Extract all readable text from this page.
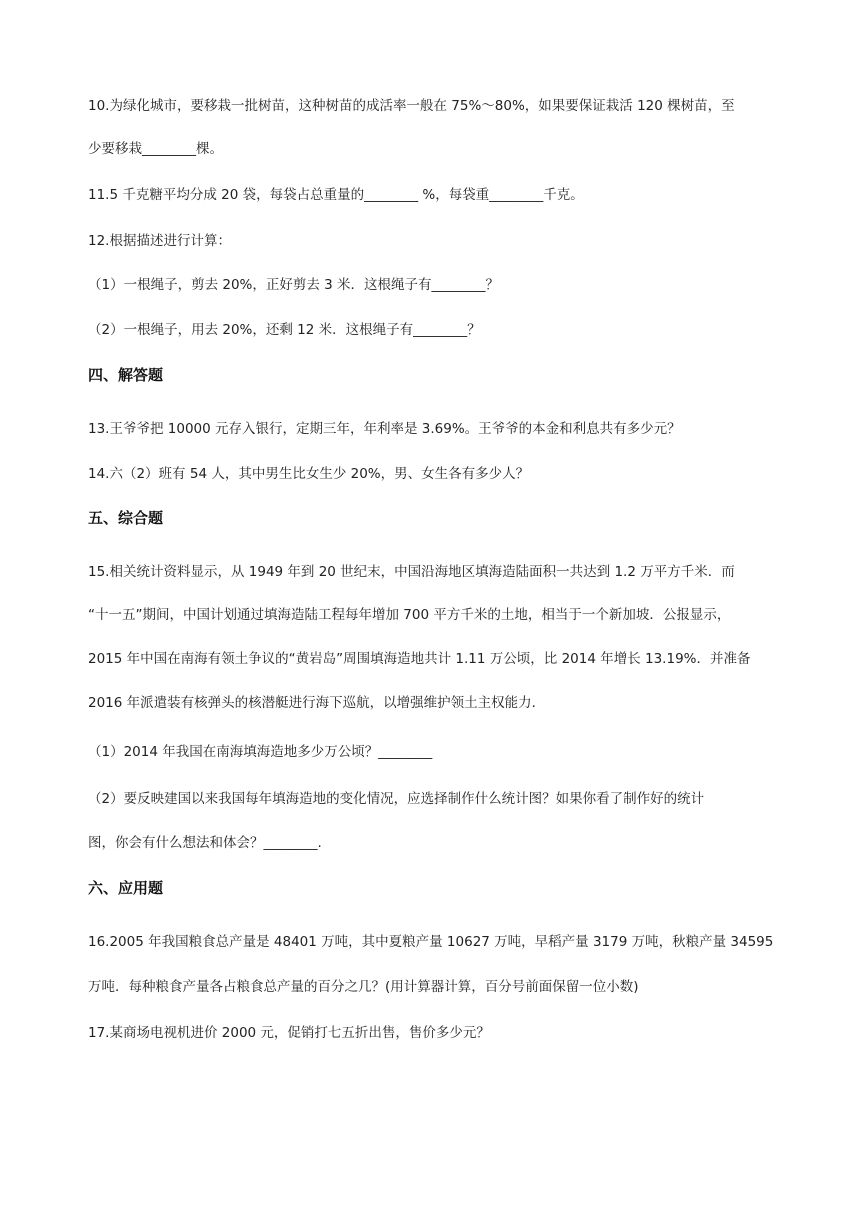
10.为绿化城市，要移栽一批树苗，这种树苗的成活率一般在 75%～80%，如果要保证栽活 120 棵树苗，至
少要移栽________棵。
11.5 千克糖平均分成 20 袋，每袋占总重量的________ %，每袋重________千克。
12.根据描述进行计算：
（1）一根绳子，剪去 20%，正好剪去 3 米．这根绳子有________？
（2）一根绳子，用去 20%，还剩 12 米．这根绳子有________？
四、解答题
13.王爷爷把 10000 元存入银行，定期三年，年利率是 3.69%。王爷爷的本金和利息共有多少元？
14.六（2）班有 54 人，其中男生比女生少 20%，男、女生各有多少人？
五、综合题
15.相关统计资料显示，从 1949 年到 20 世纪末，中国沿海地区填海造陆面积一共达到 1.2 万平方千米．而
“十一五”期间，中国计划通过填海造陆工程每年增加 700 平方千米的土地，相当于一个新加坡．公报显示，
2015 年中国在南海有领土争议的“黄岩岛”周围填海造地共计 1.11 万公顷，比 2014 年增长 13.19%．并准备
2016 年派遣装有核弹头的核潜艇进行海下巡航，以增强维护领土主权能力．
（1）2014 年我国在南海填海造地多少万公顷？________
（2）要反映建国以来我国每年填海造地的变化情况，应选择制作什么统计图？如果你看了制作好的统计
图，你会有什么想法和体会？________.
六、应用题
16.2005 年我国粮食总产量是 48401 万吨，其中夏粮产量 10627 万吨，早稻产量 3179 万吨，秋粮产量 34595
万吨．每种粮食产量各占粮食总产量的百分之几？(用计算器计算，百分号前面保留一位小数)
17.某商场电视机进价 2000 元，促销打七五折出售，售价多少元？
